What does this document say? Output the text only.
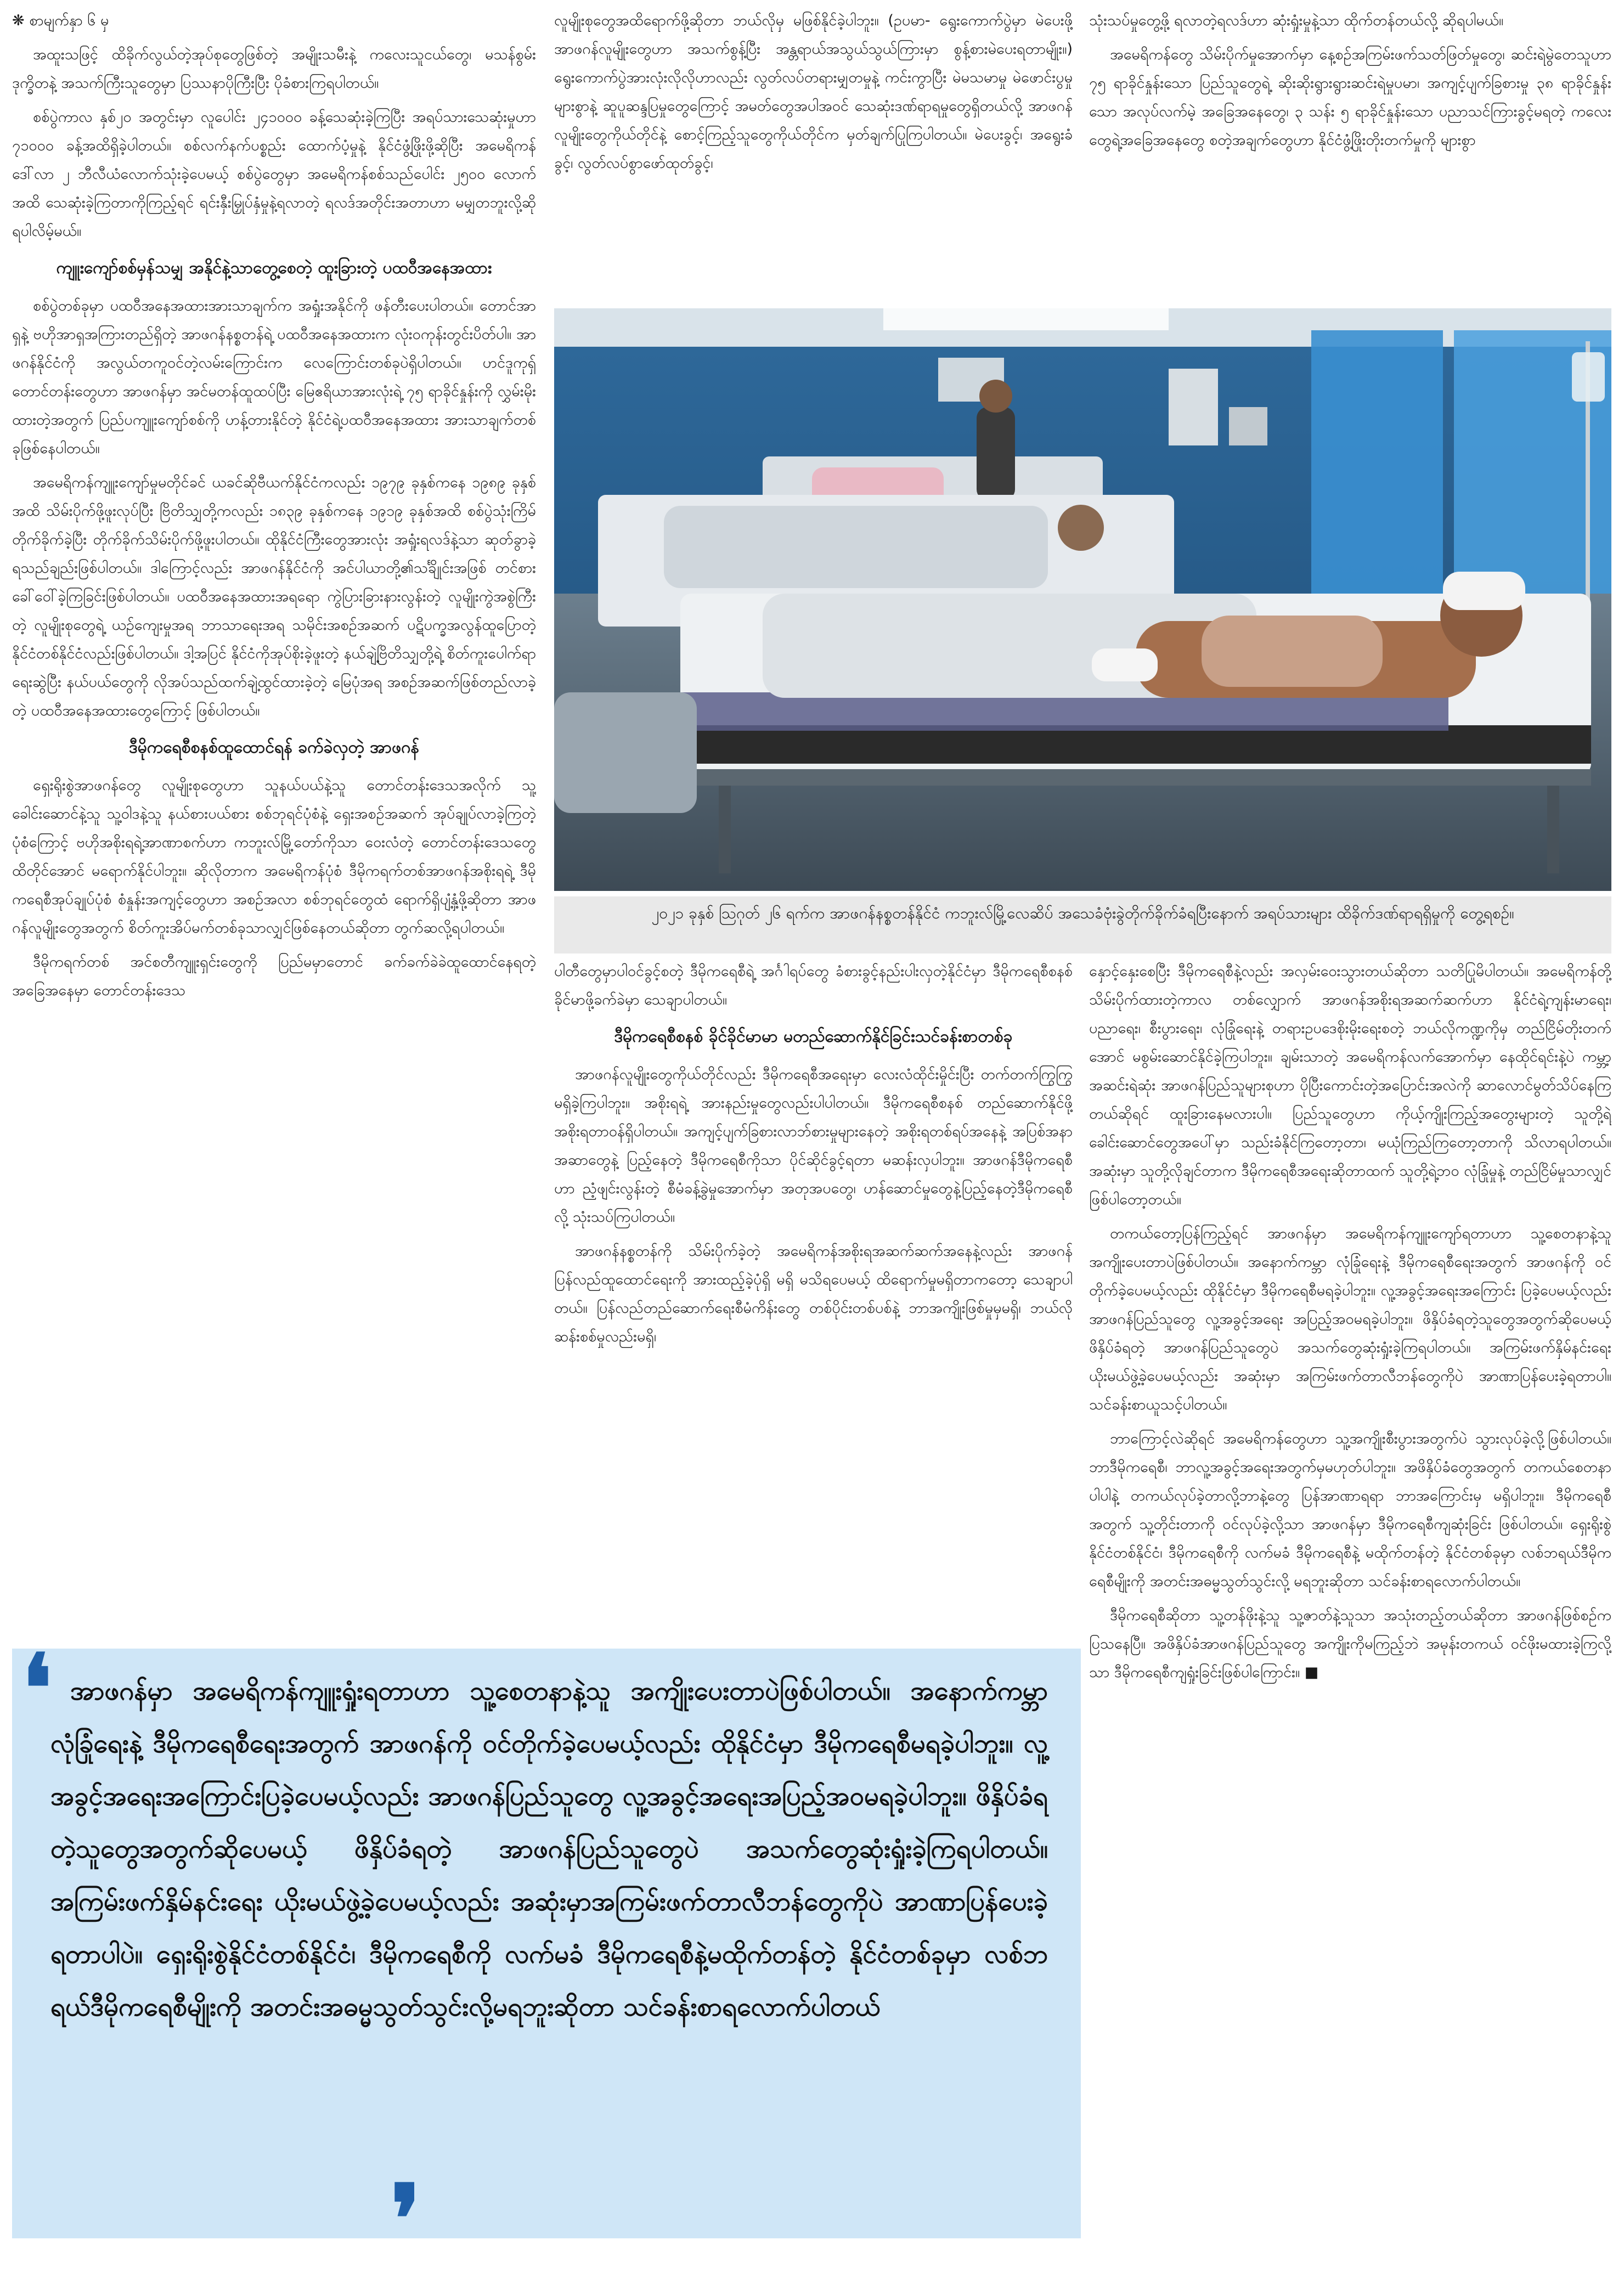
❋ စာမျက်နှာ ၆ မှ

အထူးသဖြင့် ထိခိုက်လွယ်တဲ့အုပ်စုတွေဖြစ်တဲ့ အမျိုးသမီးနဲ့ ကလေးသူငယ်တွေ၊ မသန်စွမ်းဒုက္ခိတနဲ့ အသက်ကြီးသူတွေမှာ ပြဿနာပိုကြီးပြီး ပိုခံစားကြရပါတယ်။

စစ်ပွဲကာလ နှစ်၂၀ အတွင်းမှာ လူပေါင်း ၂၄၁၀၀၀ ခန့်သေဆုံးခဲ့ကြပြီး အရပ်သားသေဆုံးမှုဟာ ၇၁၀၀၀ ခန့်အထိရှိခဲ့ပါတယ်။ စစ်လက်နက်ပစ္စည်း ထောက်ပံ့မှုနဲ့ နိုင်ငံဖွံ့ဖြိုးဖို့ဆိုပြီး အမေရိကန်ဒေါ်လာ ၂ ဘီလီယံလောက်သုံးခဲ့ပေမယ့် စစ်ပွဲတွေမှာ အမေရိကန်စစ်သည်ပေါင်း ၂၅၀၀ လောက်အထိ သေဆုံးခဲ့ကြတာကိုကြည့်ရင် ရင်းနှီးမြှုပ်နှံမှုနဲ့ရလာတဲ့ ရလဒ်အတိုင်းအတာဟာ မမျှတဘူးလို့ဆိုရပါလိမ့်မယ်။

ကျူးကျော်စစ်မှန်သမျှ အနိုင်နဲ့သာတွေ့စေတဲ့ ထူးခြားတဲ့ ပထဝီအနေအထား

စစ်ပွဲတစ်ခုမှာ ပထဝီအနေအထားအားသာချက်က အရှုံးအနိုင်ကို ဖန်တီးပေးပါတယ်။ တောင်အာရှနဲ့ ဗဟိုအာရှအကြားတည်ရှိတဲ့ အာဖဂန်နစ္စတန်ရဲ့ ပထဝီအနေအထားက လုံးဝကုန်းတွင်းပိတ်ပါ။ အာဖဂန်နိုင်ငံကို အလွယ်တကူဝင်တဲ့လမ်းကြောင်းက လေကြောင်းတစ်ခုပဲရှိပါတယ်။ ဟင်ဒူကုရှ်တောင်တန်းတွေဟာ အာဖဂန်မှာ အင်မတန်ထူထပ်ပြီး မြေဧရိယာအားလုံးရဲ့ ၇၅ ရာခိုင်နှုန်းကို လွှမ်းမိုးထားတဲ့အတွက် ပြည်ပကျူးကျော်စစ်ကို ဟန့်တားနိုင်တဲ့ နိုင်ငံရဲ့ပထဝီအနေအထား အားသာချက်တစ်ခုဖြစ်နေပါတယ်။

အမေရိကန်ကျူးကျော်မှုမတိုင်ခင် ယခင်ဆိုဗီယက်နိုင်ငံကလည်း ၁၉၇၉ ခုနှစ်ကနေ ၁၉၈၉ ခုနှစ်အထိ သိမ်းပိုက်ဖို့ဖူးလုပ်ပြီး ဗြိတိသျှတို့ကလည်း ၁၈၃၉ ခုနှစ်ကနေ ၁၉၁၉ ခုနှစ်အထိ စစ်ပွဲသုံးကြိမ်တိုက်ခိုက်ခဲ့ပြီး တိုက်ခိုက်သိမ်းပိုက်ဖို့ဖူးပါတယ်။ ထိုနိုင်ငံကြီးတွေအားလုံး အရှုံးရလဒ်နဲ့သာ ဆုတ်ခွာခဲ့ရသည်ချည်းဖြစ်ပါတယ်။ ဒါကြောင့်လည်း အာဖဂန်နိုင်ငံကို အင်ပါယာတို့၏သင်္ချိုင်းအဖြစ် တင်စားခေါ်ဝေါ်ခဲ့ကြခြင်းဖြစ်ပါတယ်။ ပထဝီအနေအထားအရရော ကွဲပြားခြားနားလွန်းတဲ့ လူမျိုးကွဲအစွဲကြီးတဲ့ လူမျိုးစုတွေရဲ့ ယဉ်ကျေးမှုအရ ဘာသာရေးအရ သမိုင်းအစဉ်အဆက် ပဋိပက္ခအလွန်ထူပြောတဲ့ နိုင်ငံတစ်နိုင်ငံလည်းဖြစ်ပါတယ်။ ဒါ့အပြင် နိုင်ငံကိုအုပ်စိုးခဲ့ဖူးတဲ့ နယ်ချဲ့ဗြိတိသျှတို့ရဲ့ စိတ်ကူးပေါက်ရာရေးဆွဲပြီး နယ်ပယ်တွေကို လိုအပ်သည်ထက်ချဲ့ထွင်ထားခဲ့တဲ့ မြေပုံအရ အစဉ်အဆက်ဖြစ်တည်လာခဲ့တဲ့ ပထဝီအနေအထားတွေကြောင့် ဖြစ်ပါတယ်။

ဒီမိုကရေစီစနစ်ထူထောင်ရန် ခက်ခဲလှတဲ့ အာဖဂန်

ရှေးရိုးစွဲအာဖဂန်တွေ လူမျိုးစုတွေဟာ သူနယ်ပယ်နဲ့သူ တောင်တန်းဒေသအလိုက် သူ့ခေါင်းဆောင်နဲ့သူ သူ့ဝါဒနဲ့သူ နယ်စားပယ်စား စစ်ဘုရင်ပုံစံနဲ့ ရှေးအစဉ်အဆက် အုပ်ချုပ်လာခဲ့ကြတဲ့ပုံစံကြောင့် ဗဟိုအစိုးရရဲ့အာဏာစက်ဟာ ကဘူးလ်မြို့တော်ကိုသာ ဝေးလံတဲ့ တောင်တန်းဒေသတွေထိတိုင်အောင် မရောက်နိုင်ပါဘူး။ ဆိုလိုတာက အမေရိကန်ပုံစံ ဒီမိုကရက်တစ်အာဖဂန်အစိုးရရဲ့ ဒီမိုကရေစီအုပ်ချုပ်ပုံစံ စံနှုန်းအကျင့်တွေဟာ အစဉ်အလာ စစ်ဘုရင်တွေထံ ရောက်ရှိပျံ့နှံ့ဖို့ဆိုတာ အာဖဂန်လူမျိုးတွေအတွက် စိတ်ကူးအိပ်မက်တစ်ခုသာလျှင်ဖြစ်နေတယ်ဆိုတာ တွက်ဆလို့ရပါတယ်။

ဒီမိုကရက်တစ် အင်စတီကျူးရှင်းတွေကို ပြည်မမှာတောင် ခက်ခက်ခဲခဲထူထောင်နေရတဲ့အခြေအနေမှာ တောင်တန်းဒေသ

လူမျိုးစုတွေအထိရောက်ဖို့ဆိုတာ ဘယ်လိုမှ မဖြစ်နိုင်ခဲ့ပါဘူး။ (ဥပမာ- ရွေးကောက်ပွဲမှာ မဲပေးဖို့ အာဖဂန်လူမျိုးတွေဟာ အသက်စွန့်ပြီး အန္တရာယ်အသွယ်သွယ်ကြားမှာ စွန့်စားမဲပေးရတာမျိုး။) ရွေးကောက်ပွဲအားလုံးလိုလိုဟာလည်း လွတ်လပ်တရားမျှတမှုနဲ့ ကင်းကွာပြီး မဲမသမာမှု မဲဖောင်းပွမှုများစွာနဲ့ ဆူပူဆန္ဒပြမှုတွေကြောင့် အမတ်တွေအပါအဝင် သေဆုံးဒဏ်ရာရမှုတွေရှိတယ်လို့ အာဖဂန်လူမျိုးတွေကိုယ်တိုင်နဲ့ စောင့်ကြည့်သူတွေကိုယ်တိုင်က မှတ်ချက်ပြုကြပါတယ်။ မဲပေးခွင့်၊ အရွေးခံခွင့်၊ လွတ်လပ်စွာဖော်ထုတ်ခွင့်၊

သုံးသပ်မှုတွေ့ဖို့ ရလာတဲ့ရလဒ်ဟာ ဆုံးရှုံးမှုနဲ့သာ ထိုက်တန်တယ်လို့ ဆိုရပါမယ်။

အမေရိကန်တွေ သိမ်းပိုက်မှုအောက်မှာ နေ့စဉ်အကြမ်းဖက်သတ်ဖြတ်မှုတွေ၊ ဆင်းရဲမွဲတေသူဟာ ၇၅ ရာခိုင်နှုန်းသော ပြည်သူတွေရဲ့ ဆိုးဆိုးရွားရွားဆင်းရဲမှုပမာ၊ အကျင့်ပျက်ခြစားမှု ၃၈ ရာခိုင်နှုန်းသော အလုပ်လက်မဲ့ အခြေအနေတွေ၊ ၃ သန်း ၅ ရာခိုင်နှုန်းသော ပညာသင်ကြားခွင့်မရတဲ့ ကလေးတွေရဲ့အခြေအနေတွေ စတဲ့အချက်တွေဟာ နိုင်ငံဖွံ့ဖြိုးတိုးတက်မှုကို များစွာ

၂၀၂၁ ခုနှစ် ဩဂုတ် ၂၆ ရက်က အာဖဂန်နစ္စတန်နိုင်ငံ ကဘူးလ်မြို့လေဆိပ် အသေခံဗုံးခွဲတိုက်ခိုက်ခံရပြီးနောက် အရပ်သားများ ထိခိုက်ဒဏ်ရာရရှိမှုကို တွေ့ရစဉ်။

ပါတီတွေမှာပါဝင်ခွင့်စတဲ့ ဒီမိုကရေစီရဲ့ အင်္ဂါရပ်တွေ ခံစားခွင့်နည်းပါးလှတဲ့နိုင်ငံမှာ ဒီမိုကရေစီစနစ်ခိုင်မာဖို့ခက်ခဲမှာ သေချာပါတယ်။

ဒီမိုကရေစီစနစ် ခိုင်ခိုင်မာမာ မတည်ဆောက်နိုင်ခြင်းသင်ခန်းစာတစ်ခု

အာဖဂန်လူမျိုးတွေကိုယ်တိုင်လည်း ဒီမိုကရေစီအရေးမှာ လေးလံထိုင်းမှိုင်းပြီး တက်တက်ကြွကြွ မရှိခဲ့ကြပါဘူး။ အစိုးရရဲ့ အားနည်းမှုတွေလည်းပါပါတယ်။ ဒီမိုကရေစီစနစ် တည်ဆောက်နိုင်ဖို့ အစိုးရတာဝန်ရှိပါတယ်။ အကျင့်ပျက်ခြစားလာဘ်စားမှုများနေတဲ့ အစိုးရတစ်ရပ်အနေနဲ့ အပြစ်အနာအဆာတွေနဲ့ ပြည့်နေတဲ့ ဒီမိုကရေစီကိုသာ ပိုင်ဆိုင်ခွင့်ရတာ မဆန်းလှပါဘူး။ အာဖဂန်ဒီမိုကရေစီဟာ ညံ့ဖျင်းလွန်းတဲ့ စီမံခန့်ခွဲမှုအောက်မှာ အတုအပတွေ၊ ဟန်ဆောင်မှုတွေနဲ့ပြည့်နေတဲ့ဒီမိုကရေစီလို့ သုံးသပ်ကြပါတယ်။

အာဖဂန်နစ္စတန်ကို သိမ်းပိုက်ခဲ့တဲ့ အမေရိကန်အစိုးရအဆက်ဆက်အနေနဲ့လည်း အာဖဂန်ပြန်လည်ထူထောင်ရေးကို အားထည့်ခဲ့ပုံရှိ မရှိ မသိရပေမယ့် ထိရောက်မှုမရှိတာကတော့ သေချာပါတယ်။ ပြန်လည်တည်ဆောက်ရေးစီမံကိန်းတွေ တစ်ပိုင်းတစ်ပစ်နဲ့ ဘာအကျိုးဖြစ်မှုမှမရှိ၊ ဘယ်လိုဆန်းစစ်မှုလည်းမရှိ၊

နှောင့်နှေးစေပြီး ဒီမိုကရေစီနဲ့လည်း အလှမ်းဝေးသွားတယ်ဆိုတာ သတိပြုမိပါတယ်။ အမေရိကန်တို့ သိမ်းပိုက်ထားတဲ့ကာလ တစ်လျှောက် အာဖဂန်အစိုးရအဆက်ဆက်ဟာ နိုင်ငံရဲ့ကျန်းမာရေး၊ ပညာရေး၊ စီးပွားရေး၊ လုံခြုံရေးနဲ့ တရားဥပဒေစိုးမိုးရေးစတဲ့ ဘယ်လိုကဏ္ဍကိုမှ တည်ငြိမ်တိုးတက်အောင် မစွမ်းဆောင်နိုင်ခဲ့ကြပါဘူး။ ချမ်းသာတဲ့ အမေရိကန်လက်အောက်မှာ နေထိုင်ရင်းနဲ့ပဲ ကမ္ဘာ့အဆင်းရဲဆုံး အာဖဂန်ပြည်သူများစုဟာ ပိုပြီးကောင်းတဲ့အပြောင်းအလဲကို ဆာလောင်မွတ်သိပ်နေကြတယ်ဆိုရင် ထူးခြားနေမလားပါ။ ပြည်သူတွေဟာ ကိုယ့်ကျိုးကြည့်အတွေးများတဲ့ သူတို့ရဲ့ ခေါင်းဆောင်တွေအပေါ်မှာ သည်းခံနိုင်ကြတော့တာ၊ မယုံကြည်ကြတော့တာကို သိလာရပါတယ်။ အဆုံးမှာ သူတို့လိုချင်တာက ဒီမိုကရေစီအရေးဆိုတာထက် သူတို့ရဲ့ဘဝ လုံခြုံမှုနဲ့ တည်ငြိမ်မှုသာလျှင် ဖြစ်ပါတော့တယ်။

တကယ်တော့ပြန်ကြည့်ရင် အာဖဂန်မှာ အမေရိကန်ကျူးကျော်ရတာဟာ သူ့စေတနာနဲ့သူ အကျိုးပေးတာပဲဖြစ်ပါတယ်။ အနောက်ကမ္ဘာ လုံခြုံရေးနဲ့ ဒီမိုကရေစီရေးအတွက် အာဖဂန်ကို ဝင်တိုက်ခဲ့ပေမယ့်လည်း ထိုနိုင်ငံမှာ ဒီမိုကရေစီမရခဲ့ပါဘူး။ လူ့အခွင့်အရေးအကြောင်း ပြခဲ့ပေမယ့်လည်း အာဖဂန်ပြည်သူတွေ လူ့အခွင့်အရေး အပြည့်အဝမရခဲ့ပါဘူး။ ဖိနှိပ်ခံရတဲ့သူတွေအတွက်ဆိုပေမယ့် ဖိနှိပ်ခံရတဲ့ အာဖဂန်ပြည်သူတွေပဲ အသက်တွေဆုံးရှုံးခဲ့ကြရပါတယ်။ အကြမ်းဖက်နှိမ်နင်းရေး ယိုးမယ်ဖွဲ့ခဲ့ပေမယ့်လည်း အဆုံးမှာ အကြမ်းဖက်တာလီဘန်တွေကိုပဲ အာဏာပြန်ပေးခဲ့ရတာပါ။ သင်ခန်းစာယူသင့်ပါတယ်။

ဘာကြောင့်လဲဆိုရင် အမေရိကန်တွေဟာ သူ့အကျိုးစီးပွားအတွက်ပဲ သွားလုပ်ခဲ့လို့ဖြစ်ပါတယ်။ ဘာဒီမိုကရေစီ၊ ဘာလူ့အခွင့်အရေးအတွက်မှမဟုတ်ပါဘူး။ အဖိနှိပ်ခံတွေအတွက် တကယ်စေတနာပါပါနဲ့ တကယ်လုပ်ခဲ့တာလို့ဘာနဲ့တွေ ပြန်အာဏာရရာ ဘာအကြောင်းမှ မရှိပါဘူး။ ဒီမိုကရေစီအတွက် သူ့တိုင်းတာကို ဝင်လုပ်ခဲ့လို့သာ အာဖဂန်မှာ ဒီမိုကရေစီကျဆုံးခြင်း ဖြစ်ပါတယ်။ ရှေးရိုးစွဲနိုင်ငံတစ်နိုင်ငံ၊ ဒီမိုကရေစီကို လက်မခံ ဒီမိုကရေစီနဲ့ မထိုက်တန်တဲ့ နိုင်ငံတစ်ခုမှာ လစ်ဘရယ်ဒီမိုကရေစီမျိုးကို အတင်းအဓမ္မသွတ်သွင်းလို့ မရဘူးဆိုတာ သင်ခန်းစာရလောက်ပါတယ်။

ဒီမိုကရေစီဆိုတာ သူ့တန်ဖိုးနဲ့သူ သူ့ဇာတ်နဲ့သူသာ အသုံးတည့်တယ်ဆိုတာ အာဖဂန်ဖြစ်စဉ်က ပြသနေပြီ။ အဖိနှိပ်ခံအာဖဂန်ပြည်သူတွေ အကျိုးကိုမကြည့်ဘဲ အမုန်းတကယ် ဝင်ဖိုးမထားခဲ့ကြလို့သာ ဒီမိုကရေစီကျရှုံးခြင်းဖြစ်ပါကြောင်း။ ■

❛ အာဖဂန်မှာ အမေရိကန်ကျူးရှုံးရတာဟာ သူ့စေတနာနဲ့သူ အကျိုးပေးတာပဲဖြစ်ပါတယ်။ အနောက်ကမ္ဘာ လုံခြုံရေးနဲ့ ဒီမိုကရေစီရေးအတွက် အာဖဂန်ကို ဝင်တိုက်ခဲ့ပေမယ့်လည်း ထိုနိုင်ငံမှာ ဒီမိုကရေစီမရခဲ့ပါဘူး။ လူ့အခွင့်အရေးအကြောင်းပြခဲ့ပေမယ့်လည်း အာဖဂန်ပြည်သူတွေ လူ့အခွင့်အရေးအပြည့်အဝမရခဲ့ပါဘူး။ ဖိနှိပ်ခံရတဲ့သူတွေအတွက်ဆိုပေမယ့် ဖိနှိပ်ခံရတဲ့ အာဖဂန်ပြည်သူတွေပဲ အသက်တွေဆုံးရှုံးခဲ့ကြရပါတယ်။ အကြမ်းဖက်နှိမ်နင်းရေး ယိုးမယ်ဖွဲ့ခဲ့ပေမယ့်လည်း အဆုံးမှာအကြမ်းဖက်တာလီဘန်တွေကိုပဲ အာဏာပြန်ပေးခဲ့ရတာပါပဲ။ ရှေးရိုးစွဲနိုင်ငံတစ်နိုင်ငံ၊ ဒီမိုကရေစီကို လက်မခံ ဒီမိုကရေစီနဲ့မထိုက်တန်တဲ့ နိုင်ငံတစ်ခုမှာ လစ်ဘရယ်ဒီမိုကရေစီမျိုးကို အတင်းအဓမ္မသွတ်သွင်းလို့မရဘူးဆိုတာ သင်ခန်းစာရလောက်ပါတယ်
❜
